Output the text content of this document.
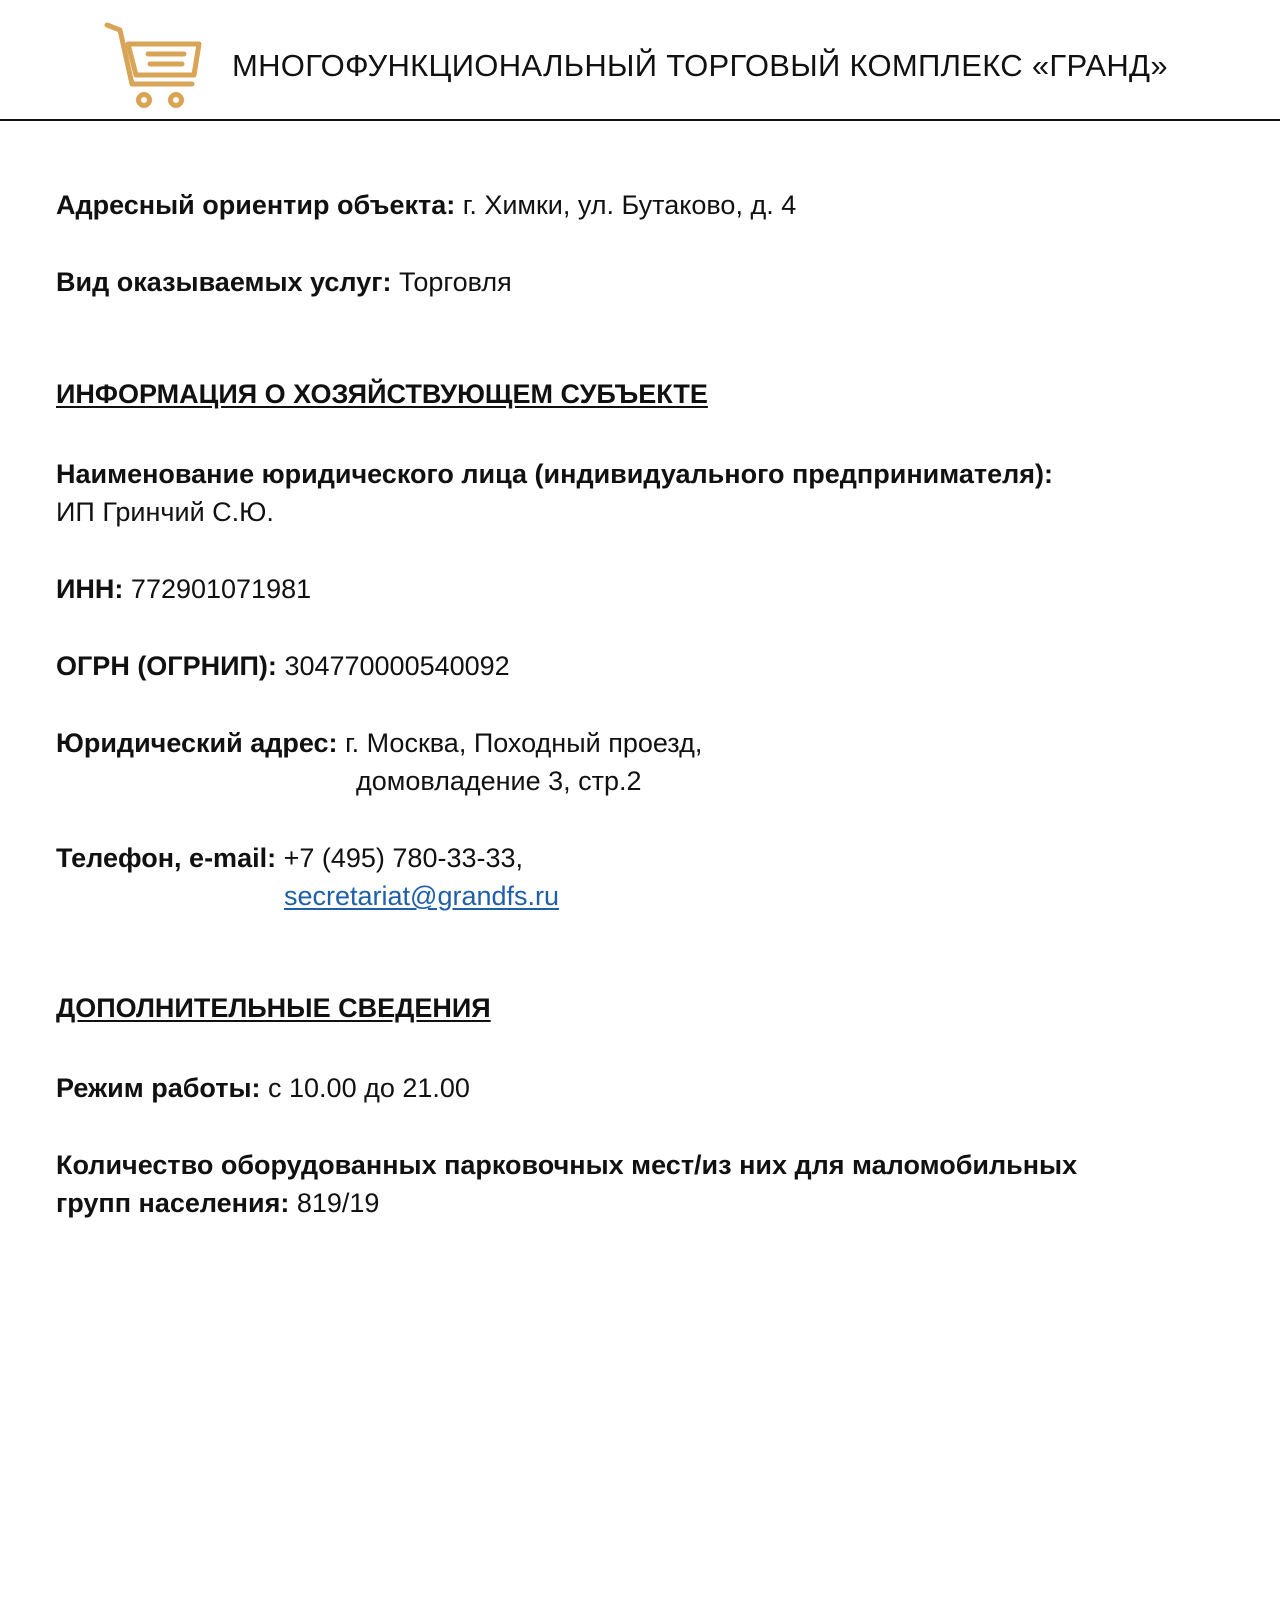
МНОГОФУНКЦИОНАЛЬНЫЙ ТОРГОВЫЙ КОМПЛЕКС «ГРАНД»
Адресный ориентир объекта: г. Химки, ул. Бутаково, д. 4
Вид оказываемых услуг: Торговля
ИНФОРМАЦИЯ О ХОЗЯЙСТВУЮЩЕМ СУБЪЕКТЕ
Наименование юридического лица (индивидуального предпринимателя):
ИП Гринчий С.Ю.
ИНН: 772901071981
ОГРН (ОГРНИП): 304770000540092
Юридический адрес: г. Москва, Походный проезд,
домовладение 3, стр.2
Телефон, e-mail: +7 (495) 780-33-33,
secretariat@grandfs.ru
ДОПОЛНИТЕЛЬНЫЕ СВЕДЕНИЯ
Режим работы: с 10.00 до 21.00
Количество оборудованных парковочных мест/из них для маломобильных
групп населения: 819/19
